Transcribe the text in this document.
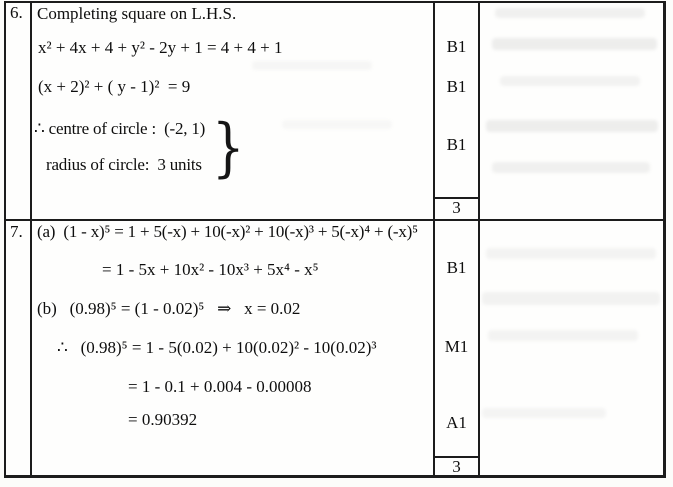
6. Completing square on L.H.S.
x² + 4x + 4 + y² - 2y + 1 = 4 + 4 + 1
(x + 2)² + ( y - 1)²  = 9
∴ centre of circle :  (-2, 1)
radius of circle:  3 units }
B1
B1
B1
3
7. (a)  (1 - x)⁵ = 1 + 5(-x) + 10(-x)² + 10(-x)³ + 5(-x)⁴ + (-x)⁵
= 1 - 5x + 10x² - 10x³ + 5x⁴ - x⁵
(b)   (0.98)⁵ = (1 - 0.02)⁵   ⇒   x = 0.02
∴   (0.98)⁵ = 1 - 5(0.02) + 10(0.02)² - 10(0.02)³
= 1 - 0.1 + 0.004 - 0.00008
= 0.90392
B1
M1
A1
3
